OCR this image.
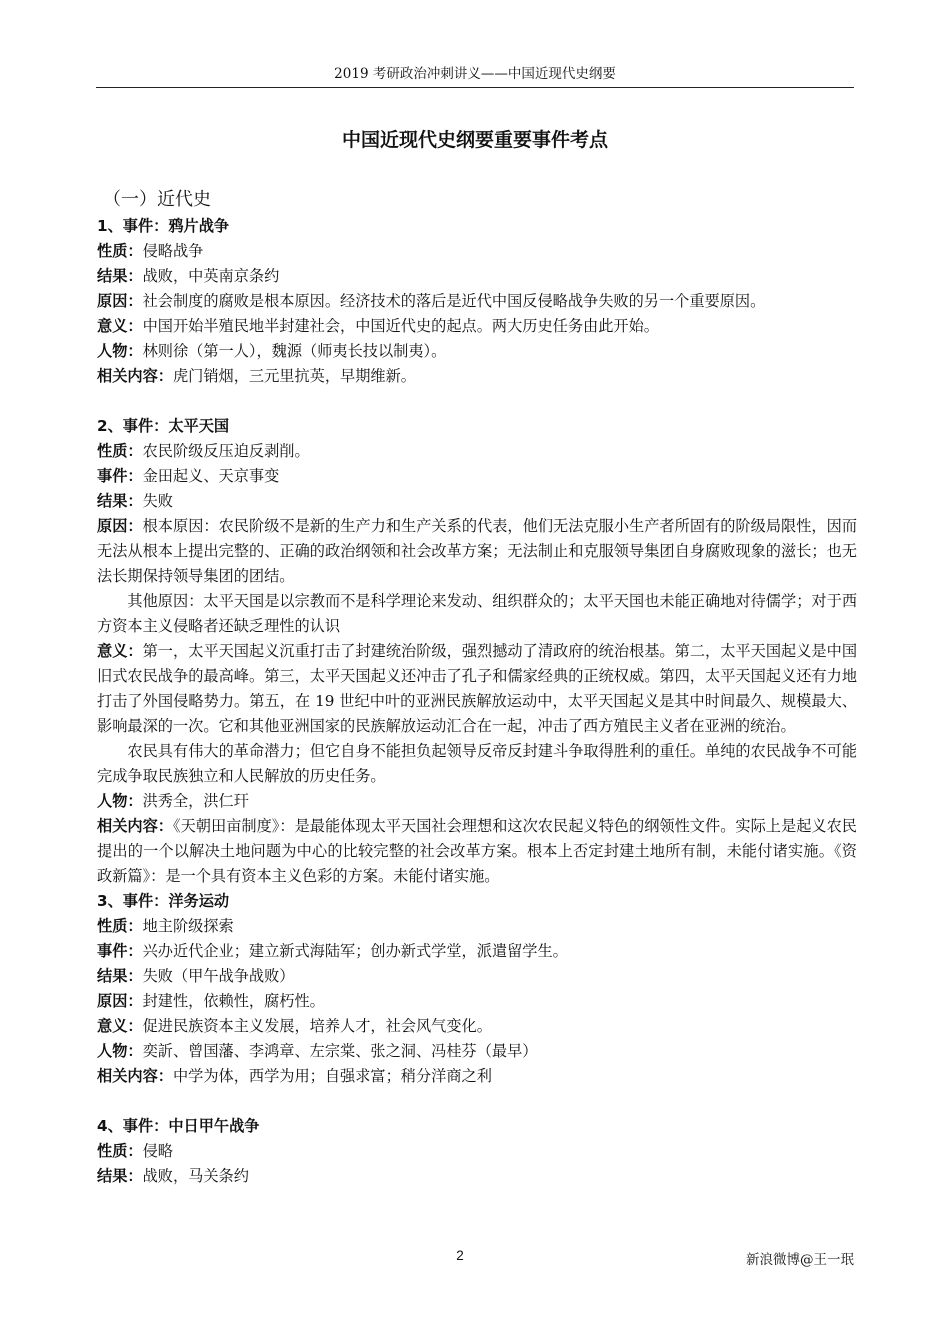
2019 考研政治冲刺讲义——中国近现代史纲要
中国近现代史纲要重要事件考点
（一）近代史
1、事件：鸦片战争
性质：侵略战争
结果：战败，中英南京条约
原因：社会制度的腐败是根本原因。经济技术的落后是近代中国反侵略战争失败的另一个重要原因。
意义：中国开始半殖民地半封建社会，中国近代史的起点。两大历史任务由此开始。
人物：林则徐（第一人），魏源（师夷长技以制夷）。
相关内容：虎门销烟，三元里抗英，早期维新。
2、事件：太平天国
性质：农民阶级反压迫反剥削。
事件：金田起义、天京事变
结果：失败
原因：根本原因：农民阶级不是新的生产力和生产关系的代表，他们无法克服小生产者所固有的阶级局限性，因而无法从根本上提出完整的、正确的政治纲领和社会改革方案；无法制止和克服领导集团自身腐败现象的滋长；也无法长期保持领导集团的团结。
其他原因：太平天国是以宗教而不是科学理论来发动、组织群众的；太平天国也未能正确地对待儒学；对于西方资本主义侵略者还缺乏理性的认识
意义：第一，太平天国起义沉重打击了封建统治阶级，强烈撼动了清政府的统治根基。第二，太平天国起义是中国旧式农民战争的最高峰。第三，太平天国起义还冲击了孔子和儒家经典的正统权威。第四，太平天国起义还有力地打击了外国侵略势力。第五，在 19 世纪中叶的亚洲民族解放运动中，太平天国起义是其中时间最久、规模最大、影响最深的一次。它和其他亚洲国家的民族解放运动汇合在一起，冲击了西方殖民主义者在亚洲的统治。
农民具有伟大的革命潜力；但它自身不能担负起领导反帝反封建斗争取得胜利的重任。单纯的农民战争不可能完成争取民族独立和人民解放的历史任务。
人物：洪秀全，洪仁玕
相关内容：《天朝田亩制度》：是最能体现太平天国社会理想和这次农民起义特色的纲领性文件。实际上是起义农民提出的一个以解决土地问题为中心的比较完整的社会改革方案。根本上否定封建土地所有制，未能付诸实施。《资政新篇》：是一个具有资本主义色彩的方案。未能付诸实施。
3、事件：洋务运动
性质：地主阶级探索
事件：兴办近代企业；建立新式海陆军；创办新式学堂，派遣留学生。
结果：失败（甲午战争战败）
原因：封建性，依赖性，腐朽性。
意义：促进民族资本主义发展，培养人才，社会风气变化。
人物：奕訢、曾国藩、李鸿章、左宗棠、张之洞、冯桂芬（最早）
相关内容：中学为体，西学为用；自强求富；稍分洋商之利
4、事件：中日甲午战争
性质：侵略
结果：战败，马关条约
2	新浪微博@王一珉
